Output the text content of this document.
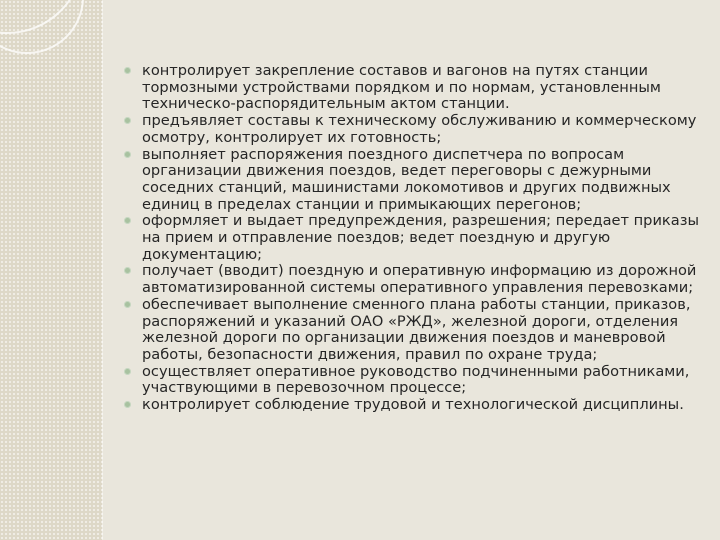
контролирует закрепление составов и вагонов на путях станции тормозными устройствами порядком и по нормам, установленным техническо-распорядительным актом станции.
предъявляет составы к техническому обслуживанию и коммерческому осмотру, контролирует их готовность;
выполняет распоряжения поездного диспетчера по вопросам организации движения поездов, ведет переговоры с дежурными соседних станций, машинистами локомотивов и других подвижных единиц в пределах станции и примыкающих перегонов;
оформляет и выдает предупреждения, разрешения; передает приказы на прием и отправление поездов; ведет поездную и другую документацию;
получает (вводит) поездную и оперативную информацию из дорожной автоматизированной системы оперативного управления перевозками;
обеспечивает выполнение сменного плана работы станции, приказов, распоряжений и указаний ОАО «РЖД», железной дороги, отделения железной дороги по организации движения поездов и маневровой работы, безопасности движения, правил по охране труда;
осуществляет оперативное руководство подчиненными работниками, участвующими в перевозочном процессе;
контролирует соблюдение трудовой и технологической дисциплины.
